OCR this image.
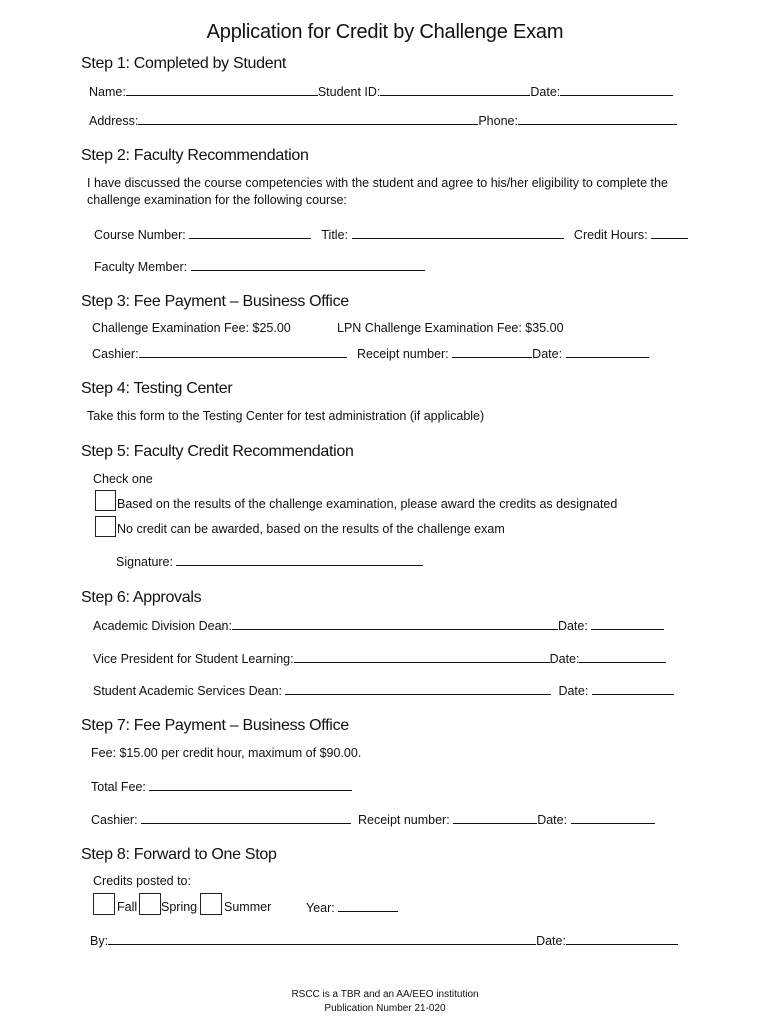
Application for Credit by Challenge Exam
Step 1: Completed by Student
Name:	Student ID:	Date:
Address:	Phone:
Step 2: Faculty Recommendation
I have discussed the course competencies with the student and agree to his/her eligibility to complete the
challenge examination for the following course:
Course Number:	Title:	Credit Hours:
Faculty Member:
Step 3: Fee Payment – Business Office
Challenge Examination Fee: $25.00	LPN Challenge Examination Fee: $35.00
Cashier:	Receipt number:	Date:
Step 4: Testing Center
Take this form to the Testing Center for test administration (if applicable)
Step 5: Faculty Credit Recommendation
Check one
Based on the results of the challenge examination, please award the credits as designated
No credit can be awarded, based on the results of the challenge exam
Signature:
Step 6: Approvals
Academic Division Dean:	Date:
Vice President for Student Learning:	Date:
Student Academic Services Dean:	Date:
Step 7: Fee Payment – Business Office
Fee: $15.00 per credit hour, maximum of $90.00.
Total Fee:
Cashier:	Receipt number:	Date:
Step 8: Forward to One Stop
Credits posted to:
Fall Spring Summer	Year:
By:	Date:
RSCC is a TBR and an AA/EEO institution
Publication Number 21-020
